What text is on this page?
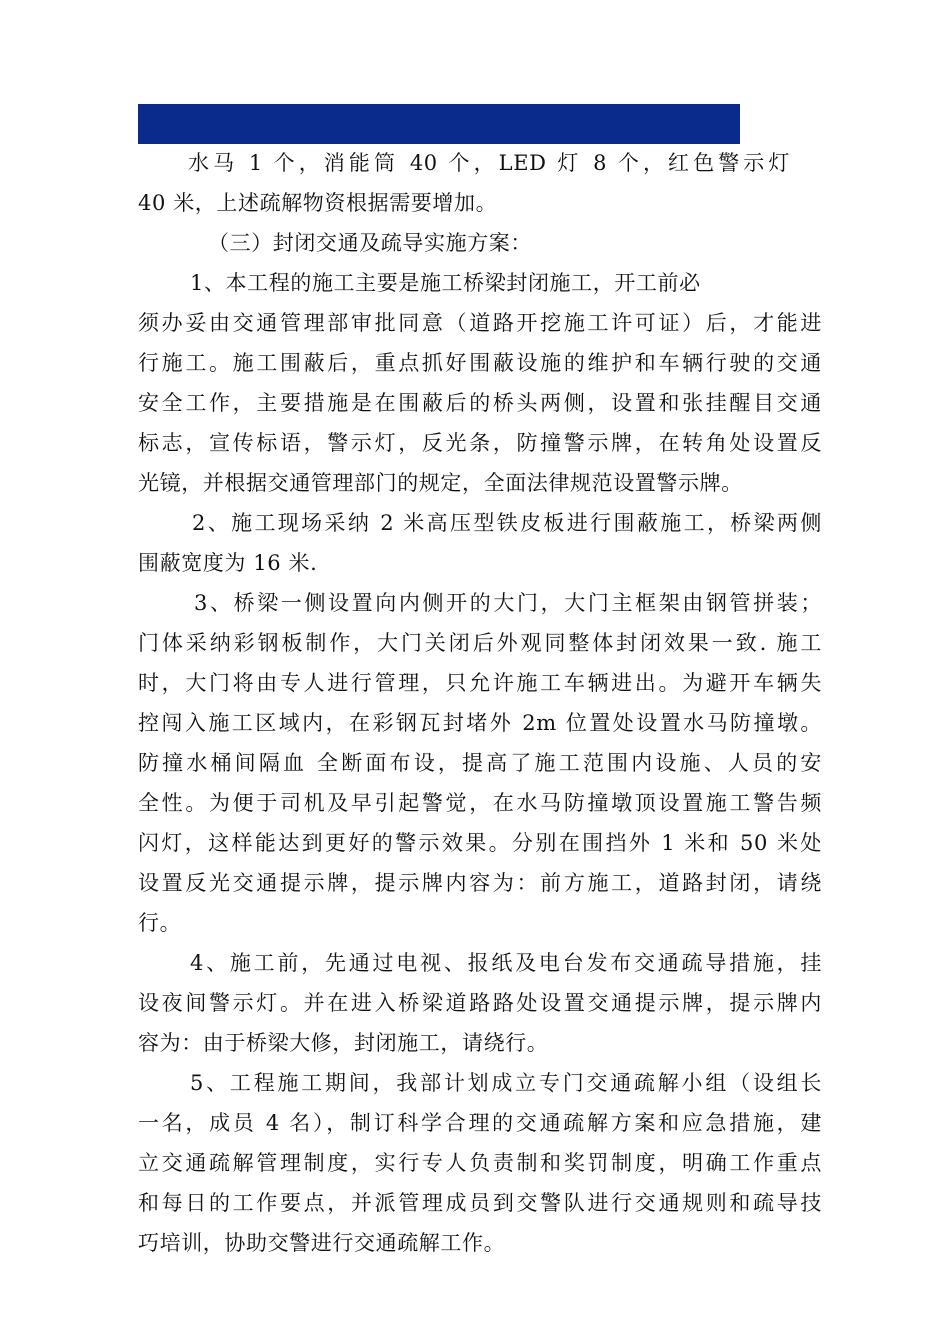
水马 1 个，消能筒 40 个，LED 灯 8 个，红色警示灯
40 米，上述疏解物资根据需要增加。
（三）封闭交通及疏导实施方案：
1、本工程的施工主要是施工桥梁封闭施工，开工前必
须办妥由交通管理部审批同意（道路开挖施工许可证）后，才能进
行施工。施工围蔽后，重点抓好围蔽设施的维护和车辆行驶的交通
安全工作，主要措施是在围蔽后的桥头两侧，设置和张挂醒目交通
标志，宣传标语，警示灯，反光条，防撞警示牌，在转角处设置反
光镜，并根据交通管理部门的规定，全面法律规范设置警示牌。
2、施工现场采纳 2 米高压型铁皮板进行围蔽施工，桥梁两侧
围蔽宽度为 16 米.
3、桥梁一侧设置向内侧开的大门，大门主框架由钢管拼装；
门体采纳彩钢板制作，大门关闭后外观同整体封闭效果一致. 施工
时，大门将由专人进行管理，只允许施工车辆进出。为避开车辆失
控闯入施工区域内，在彩钢瓦封堵外 2m 位置处设置水马防撞墩。
防撞水桶间隔血 全断面布设，提高了施工范围内设施、人员的安
全性。为便于司机及早引起警觉，在水马防撞墩顶设置施工警告频
闪灯，这样能达到更好的警示效果。分别在围挡外 1 米和 50 米处
设置反光交通提示牌，提示牌内容为：前方施工，道路封闭，请绕
行。
4、施工前，先通过电视、报纸及电台发布交通疏导措施，挂
设夜间警示灯。并在进入桥梁道路路处设置交通提示牌，提示牌内
容为：由于桥梁大修，封闭施工，请绕行。
5、工程施工期间，我部计划成立专门交通疏解小组（设组长
一名，成员 4 名），制订科学合理的交通疏解方案和应急措施，建
立交通疏解管理制度，实行专人负责制和奖罚制度，明确工作重点
和每日的工作要点，并派管理成员到交警队进行交通规则和疏导技
巧培训，协助交警进行交通疏解工作。
